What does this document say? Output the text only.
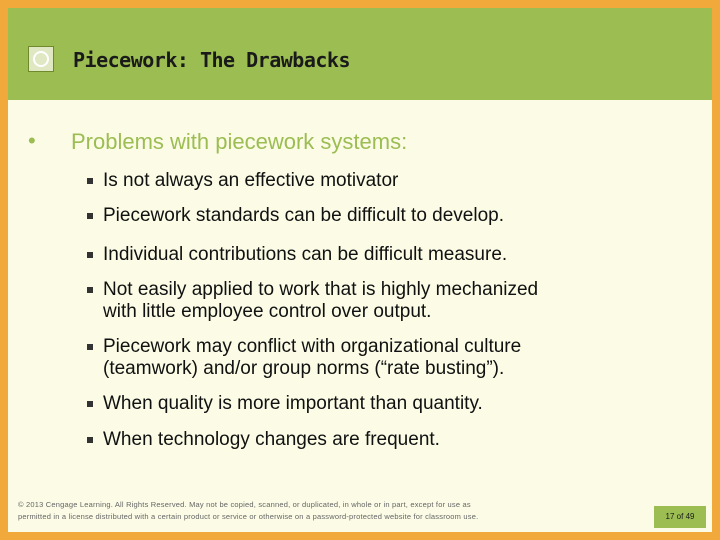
Piecework: The Drawbacks
• Problems with piecework systems:
Is not always an effective motivator
Piecework standards can be difficult to develop.
Individual contributions can be difficult measure.
Not easily applied to work that is highly mechanized
with little employee control over output.
Piecework may conflict with organizational culture
(teamwork) and/or group norms (“rate busting”).
When quality is more important than quantity.
When technology changes are frequent.
© 2013 Cengage Learning. All Rights Reserved. May not be copied, scanned, or duplicated, in whole or in part, except for use as
permitted in a license distributed with a certain product or service or otherwise on a password-protected website for classroom use.	17 of 49
